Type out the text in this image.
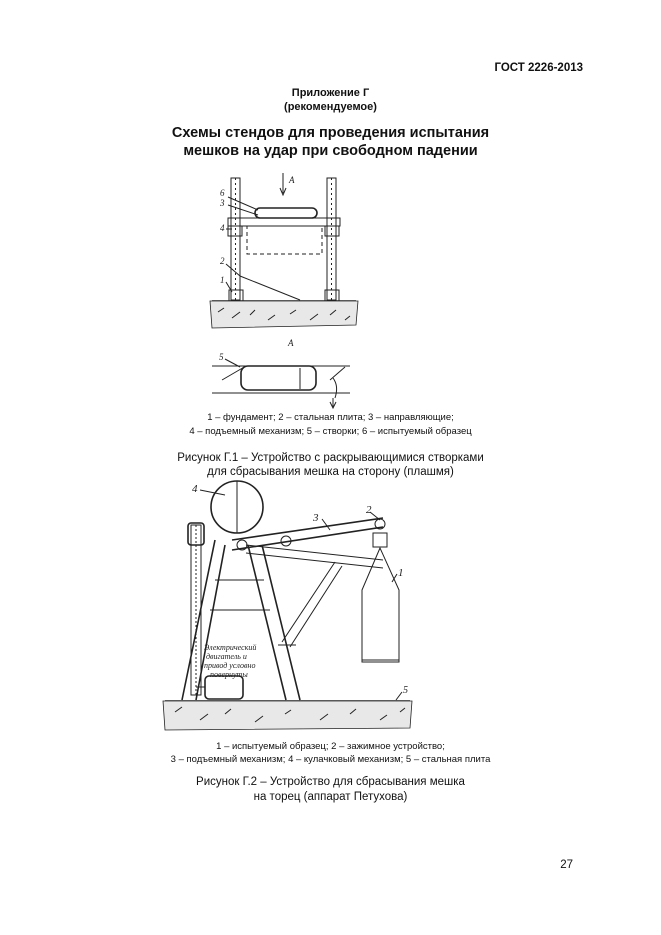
ГОСТ 2226-2013
Приложение Г
(рекомендуемое)
Схемы стендов для проведения испытания
мешков на удар при свободном падении
A
6
3
4
2
1
A
5
1 – фундамент; 2 – стальная плита; 3 – направляющие;
4 – подъемный механизм; 5 – створки; 6 – испытуемый образец
Рисунок Г.1 – Устройство с раскрывающимися створками
для сбрасывания мешка на сторону (плашмя)
4
3
2
1
5
Электрический
двигатель и
привод условно
повернуты
1 – испытуемый образец; 2 – зажимное устройство;
3 – подъемный механизм; 4 – кулачковый механизм; 5 – стальная плита
Рисунок Г.2 – Устройство для сбрасывания мешка
на торец (аппарат Петухова)
27
